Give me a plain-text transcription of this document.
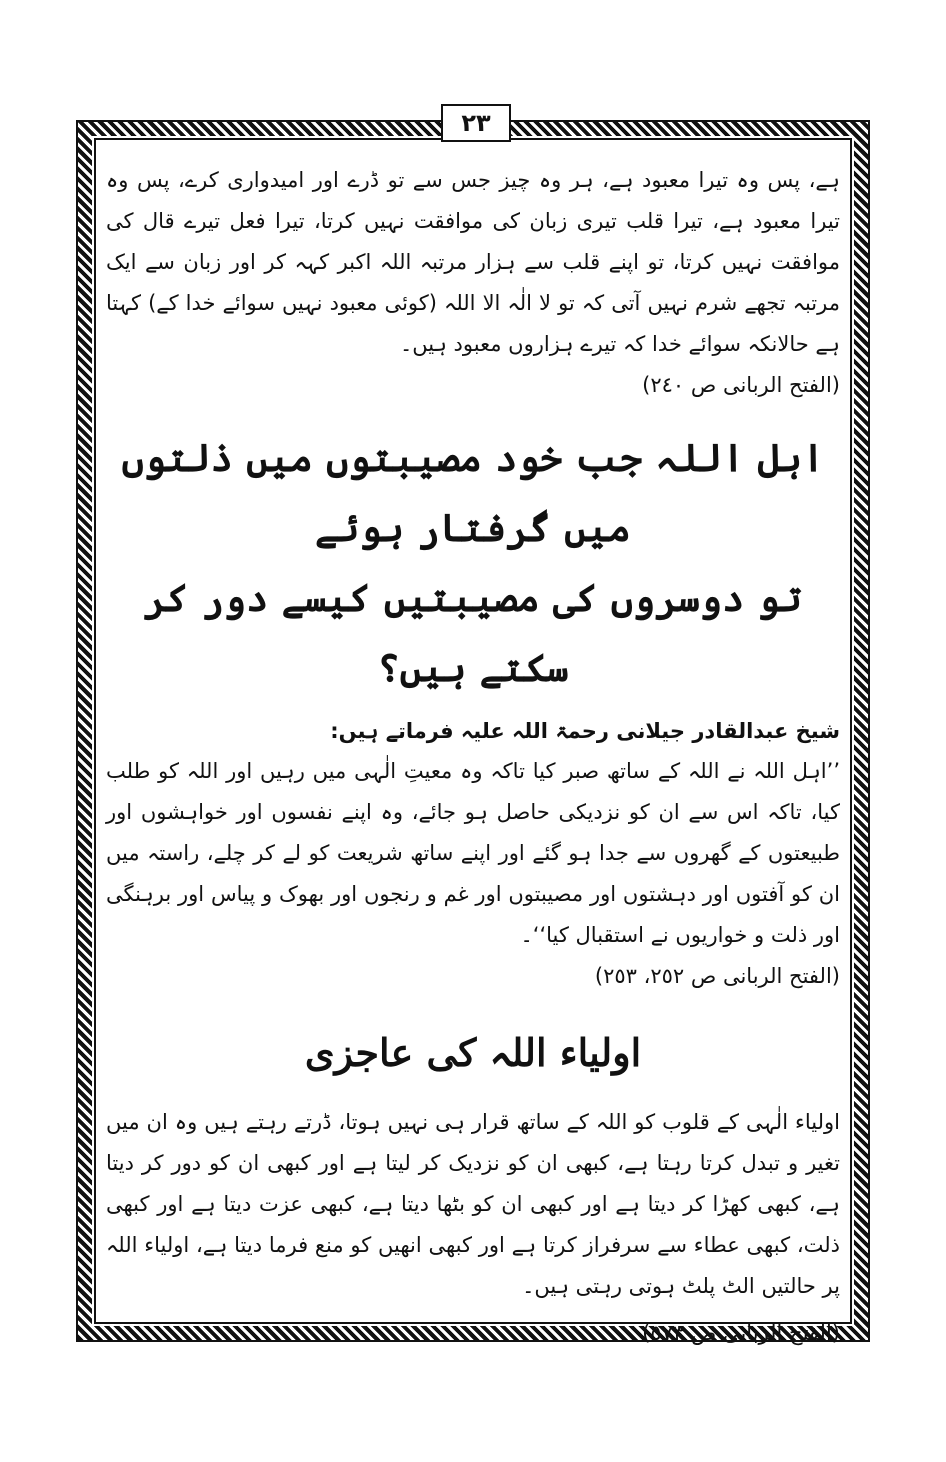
٢٣

ہے، پس وہ تیرا معبود ہے، ہر وہ چیز جس سے تو ڈرے اور امیدواری کرے، پس وہ تیرا معبود ہے، تیرا قلب تیری زبان کی موافقت نہیں کرتا، تیرا فعل تیرے قال کی موافقت نہیں کرتا، تو اپنے قلب سے ہزار مرتبہ اللہ اکبر کہہ کر اور زبان سے ایک مرتبہ تجھے شرم نہیں آتی کہ تو لا الٰہ الا اللہ (کوئی معبود نہیں سوائے خدا کے) کہتا ہے حالانکہ سوائے خدا کہ تیرے ہزاروں معبود ہیں۔

(الفتح الربانی ص ٢٤٠)

اہل اللہ جب خود مصیبتوں میں ذلتوں میں گرفتار ہوئے
تو دوسروں کی مصیبتیں کیسے دور کر سکتے ہیں؟

شیخ عبدالقادر جیلانی رحمۃ اللہ علیہ فرماتے ہیں:

’’اہل اللہ نے اللہ کے ساتھ صبر کیا تاکہ وہ معیتِ الٰہی میں رہیں اور اللہ کو طلب کیا، تاکہ اس سے ان کو نزدیکی حاصل ہو جائے، وہ اپنے نفسوں اور خواہشوں اور طبیعتوں کے گھروں سے جدا ہو گئے اور اپنے ساتھ شریعت کو لے کر چلے، راستہ میں ان کو آفتوں اور دہشتوں اور مصیبتوں اور غم و رنجوں اور بھوک و پیاس اور برہنگی اور ذلت و خواریوں نے استقبال کیا‘‘۔

(الفتح الربانی ص ٢٥٢، ٢٥٣)

اولیاء اللہ کی عاجزی

اولیاء الٰہی کے قلوب کو اللہ کے ساتھ قرار ہی نہیں ہوتا، ڈرتے رہتے ہیں وہ ان میں تغیر و تبدل کرتا رہتا ہے، کبھی ان کو نزدیک کر لیتا ہے اور کبھی ان کو دور کر دیتا ہے، کبھی کھڑا کر دیتا ہے اور کبھی ان کو بٹھا دیتا ہے، کبھی عزت دیتا ہے اور کبھی ذلت، کبھی عطاء سے سرفراز کرتا ہے اور کبھی انھیں کو منع فرما دیتا ہے، اولیاء اللہ پر حالتیں الٹ پلٹ ہوتی رہتی ہیں۔

(الفتح الربانی ص ٥٧٣)
